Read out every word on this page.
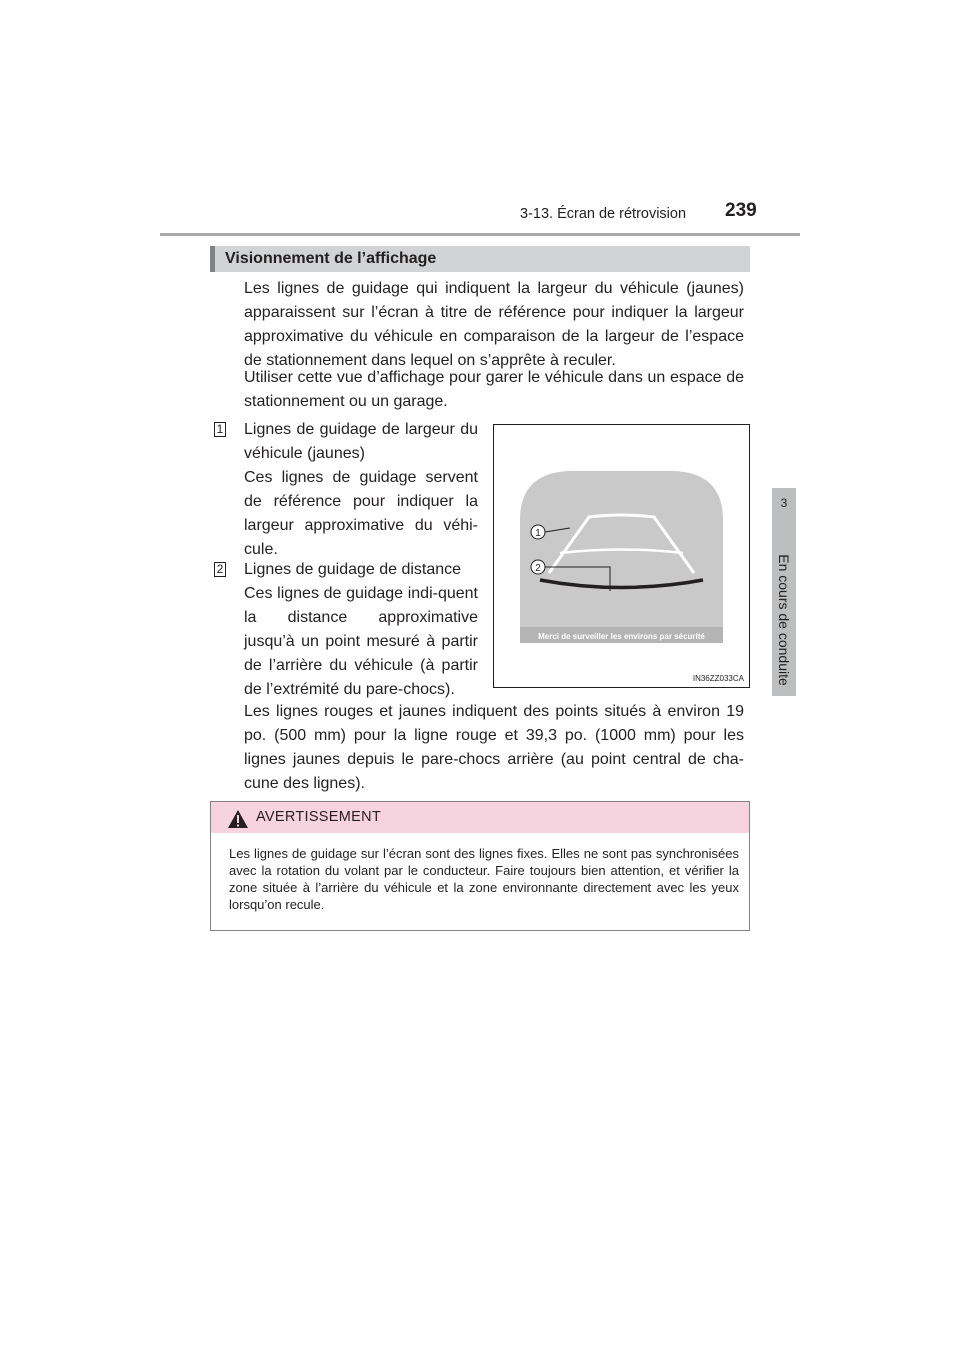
3-13. Écran de rétrovision 239
3
En cours de conduite
Visionnement de l’affichage
Les lignes de guidage qui indiquent la largeur du véhicule (jaunes) apparaissent sur l’écran à titre de référence pour indiquer la largeur approximative du véhicule en comparaison de la largeur de l’espace de stationnement dans lequel on s’apprête à reculer.
Utiliser cette vue d’affichage pour garer le véhicule dans un espace de stationnement ou un garage.
1 Lignes de guidage de largeur du véhicule (jaunes)
Ces lignes de guidage servent de référence pour indiquer la largeur approximative du véhi-cule.
2 Lignes de guidage de distance
Ces lignes de guidage indi-quent la distance approximative jusqu’à un point mesuré à partir de l’arrière du véhicule (à partir de l’extrémité du pare-chocs).
Les lignes rouges et jaunes indiquent des points situés à environ 19 po. (500 mm) pour la ligne rouge et 39,3 po. (1000 mm) pour les lignes jaunes depuis le pare-chocs arrière (au point central de cha-cune des lignes).
Merci de surveiller les environs par sécurité
1
2
IN36ZZ033CA
AVERTISSEMENT
Les lignes de guidage sur l’écran sont des lignes fixes. Elles ne sont pas synchronisées avec la rotation du volant par le conducteur. Faire toujours bien attention, et vérifier la zone située à l’arrière du véhicule et la zone environnante directement avec les yeux lorsqu’on recule.
